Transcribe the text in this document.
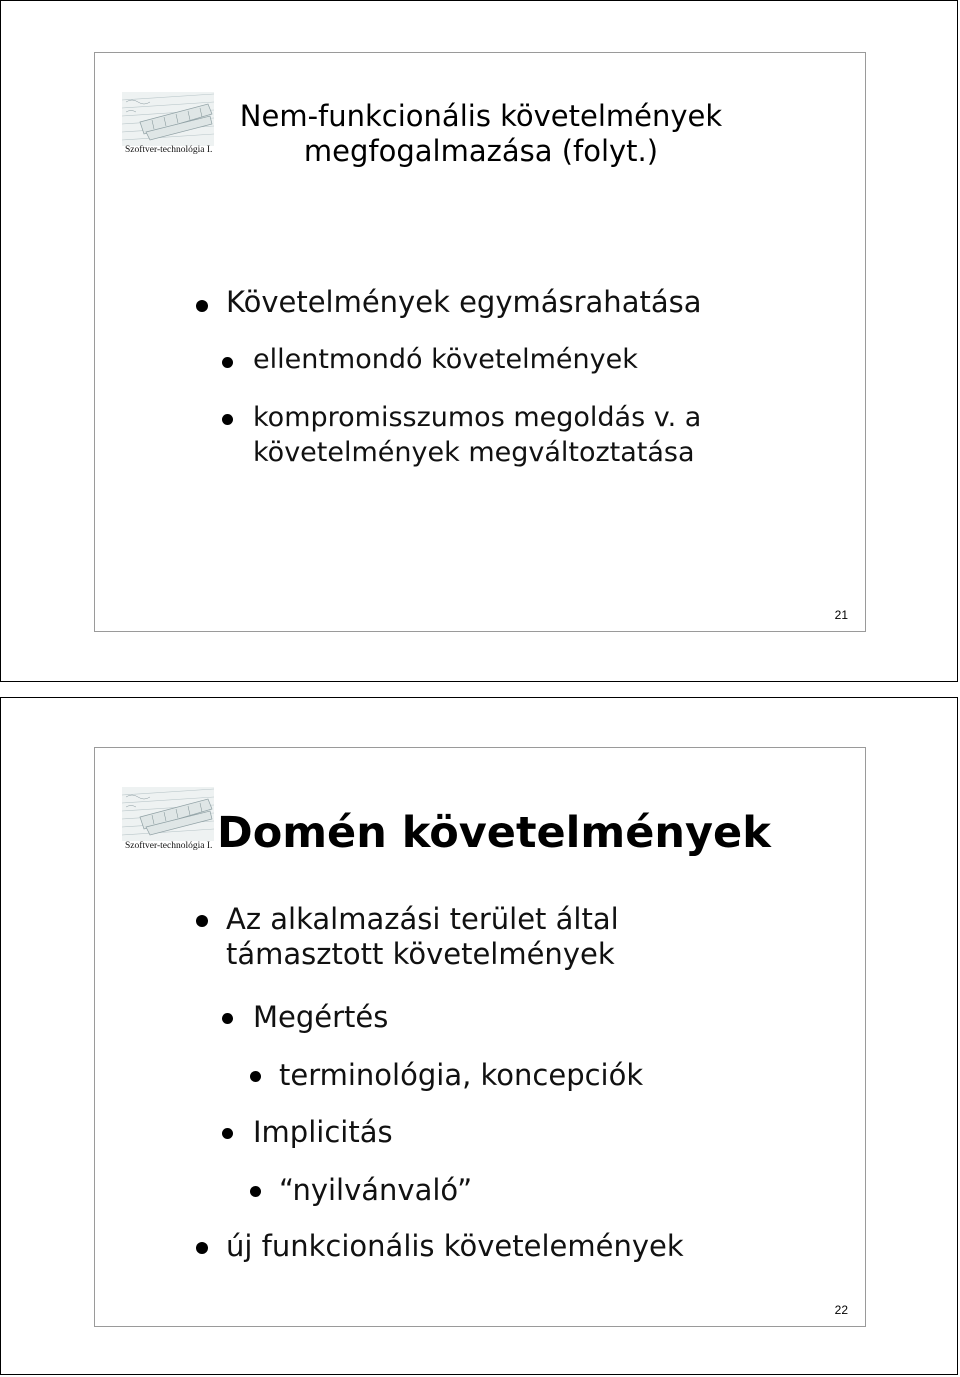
Szoftver-technológia I.
Nem-funkcionális követelmények
megfogalmazása (folyt.)
Követelmények egymásrahatása
ellentmondó követelmények
kompromisszumos megoldás v. a
követelmények megváltoztatása
21
Szoftver-technológia I. Domén követelmények
Az alkalmazási terület által
támasztott követelmények
Megértés
terminológia, koncepciók
Implicitás
“nyilvánvaló”
új funkcionális követelemények
22
